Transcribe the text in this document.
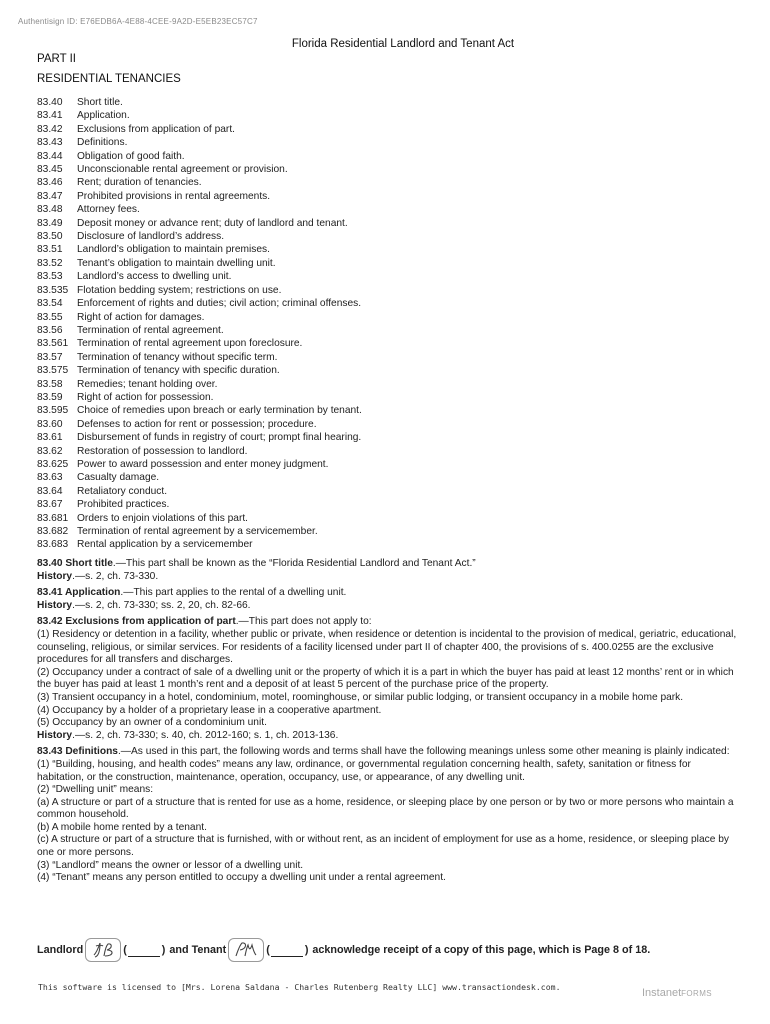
Authentisign ID: E76EDB6A-4E88-4CEE-9A2D-E5EB23EC57C7
Florida Residential Landlord and Tenant Act
PART II
RESIDENTIAL TENANCIES
83.40 Short title.
83.41 Application.
83.42 Exclusions from application of part.
83.43 Definitions.
83.44 Obligation of good faith.
83.45 Unconscionable rental agreement or provision.
83.46 Rent; duration of tenancies.
83.47 Prohibited provisions in rental agreements.
83.48 Attorney fees.
83.49 Deposit money or advance rent; duty of landlord and tenant.
83.50 Disclosure of landlord’s address.
83.51 Landlord’s obligation to maintain premises.
83.52 Tenant’s obligation to maintain dwelling unit.
83.53 Landlord’s access to dwelling unit.
83.535 Flotation bedding system; restrictions on use.
83.54 Enforcement of rights and duties; civil action; criminal offenses.
83.55 Right of action for damages.
83.56 Termination of rental agreement.
83.561 Termination of rental agreement upon foreclosure.
83.57 Termination of tenancy without specific term.
83.575 Termination of tenancy with specific duration.
83.58 Remedies; tenant holding over.
83.59 Right of action for possession.
83.595 Choice of remedies upon breach or early termination by tenant.
83.60 Defenses to action for rent or possession; procedure.
83.61 Disbursement of funds in registry of court; prompt final hearing.
83.62 Restoration of possession to landlord.
83.625 Power to award possession and enter money judgment.
83.63 Casualty damage.
83.64 Retaliatory conduct.
83.67 Prohibited practices.
83.681 Orders to enjoin violations of this part.
83.682 Termination of rental agreement by a servicemember.
83.683 Rental application by a servicemember

83.40 Short title.—This part shall be known as the “Florida Residential Landlord and Tenant Act.”

History.—s. 2, ch. 73-330.

83.41 Application.—This part applies to the rental of a dwelling unit.

History.—s. 2, ch. 73-330; ss. 2, 20, ch. 82-66.

83.42 Exclusions from application of part.—This part does not apply to:

(1) Residency or detention in a facility, whether public or private, when residence or detention is incidental to the provision of medical, geriatric, educational, counseling, religious, or similar services. For residents of a facility licensed under part II of chapter 400, the provisions of s. 400.0255 are the exclusive procedures for all transfers and discharges.

(2) Occupancy under a contract of sale of a dwelling unit or the property of which it is a part in which the buyer has paid at least 12 months’ rent or in which the buyer has paid at least 1 month’s rent and a deposit of at least 5 percent of the purchase price of the property.

(3) Transient occupancy in a hotel, condominium, motel, roominghouse, or similar public lodging, or transient occupancy in a mobile home park.

(4) Occupancy by a holder of a proprietary lease in a cooperative apartment.

(5) Occupancy by an owner of a condominium unit.

History.—s. 2, ch. 73-330; s. 40, ch. 2012-160; s. 1, ch. 2013-136.

83.43 Definitions.—As used in this part, the following words and terms shall have the following meanings unless some other meaning is plainly indicated:

(1) “Building, housing, and health codes” means any law, ordinance, or governmental regulation concerning health, safety, sanitation or fitness for habitation, or the construction, maintenance, operation, occupancy, use, or appearance, of any dwelling unit.

(2) “Dwelling unit” means:

(a) A structure or part of a structure that is rented for use as a home, residence, or sleeping place by one person or by two or more persons who maintain a common household.

(b) A mobile home rented by a tenant.

(c) A structure or part of a structure that is furnished, with or without rent, as an incident of employment for use as a home, residence, or sleeping place by one or more persons.

(3) “Landlord” means the owner or lessor of a dwelling unit.

(4) “Tenant” means any person entitled to occupy a dwelling unit under a rental agreement.

Landlord	(	) and Tenant	(	) acknowledge receipt of a copy of this page, which is Page 8 of 18.
This software is licensed to [Mrs. Lorena Saldana - Charles Rutenberg Realty LLC] www.transactiondesk.com.	InstanetFORMS
